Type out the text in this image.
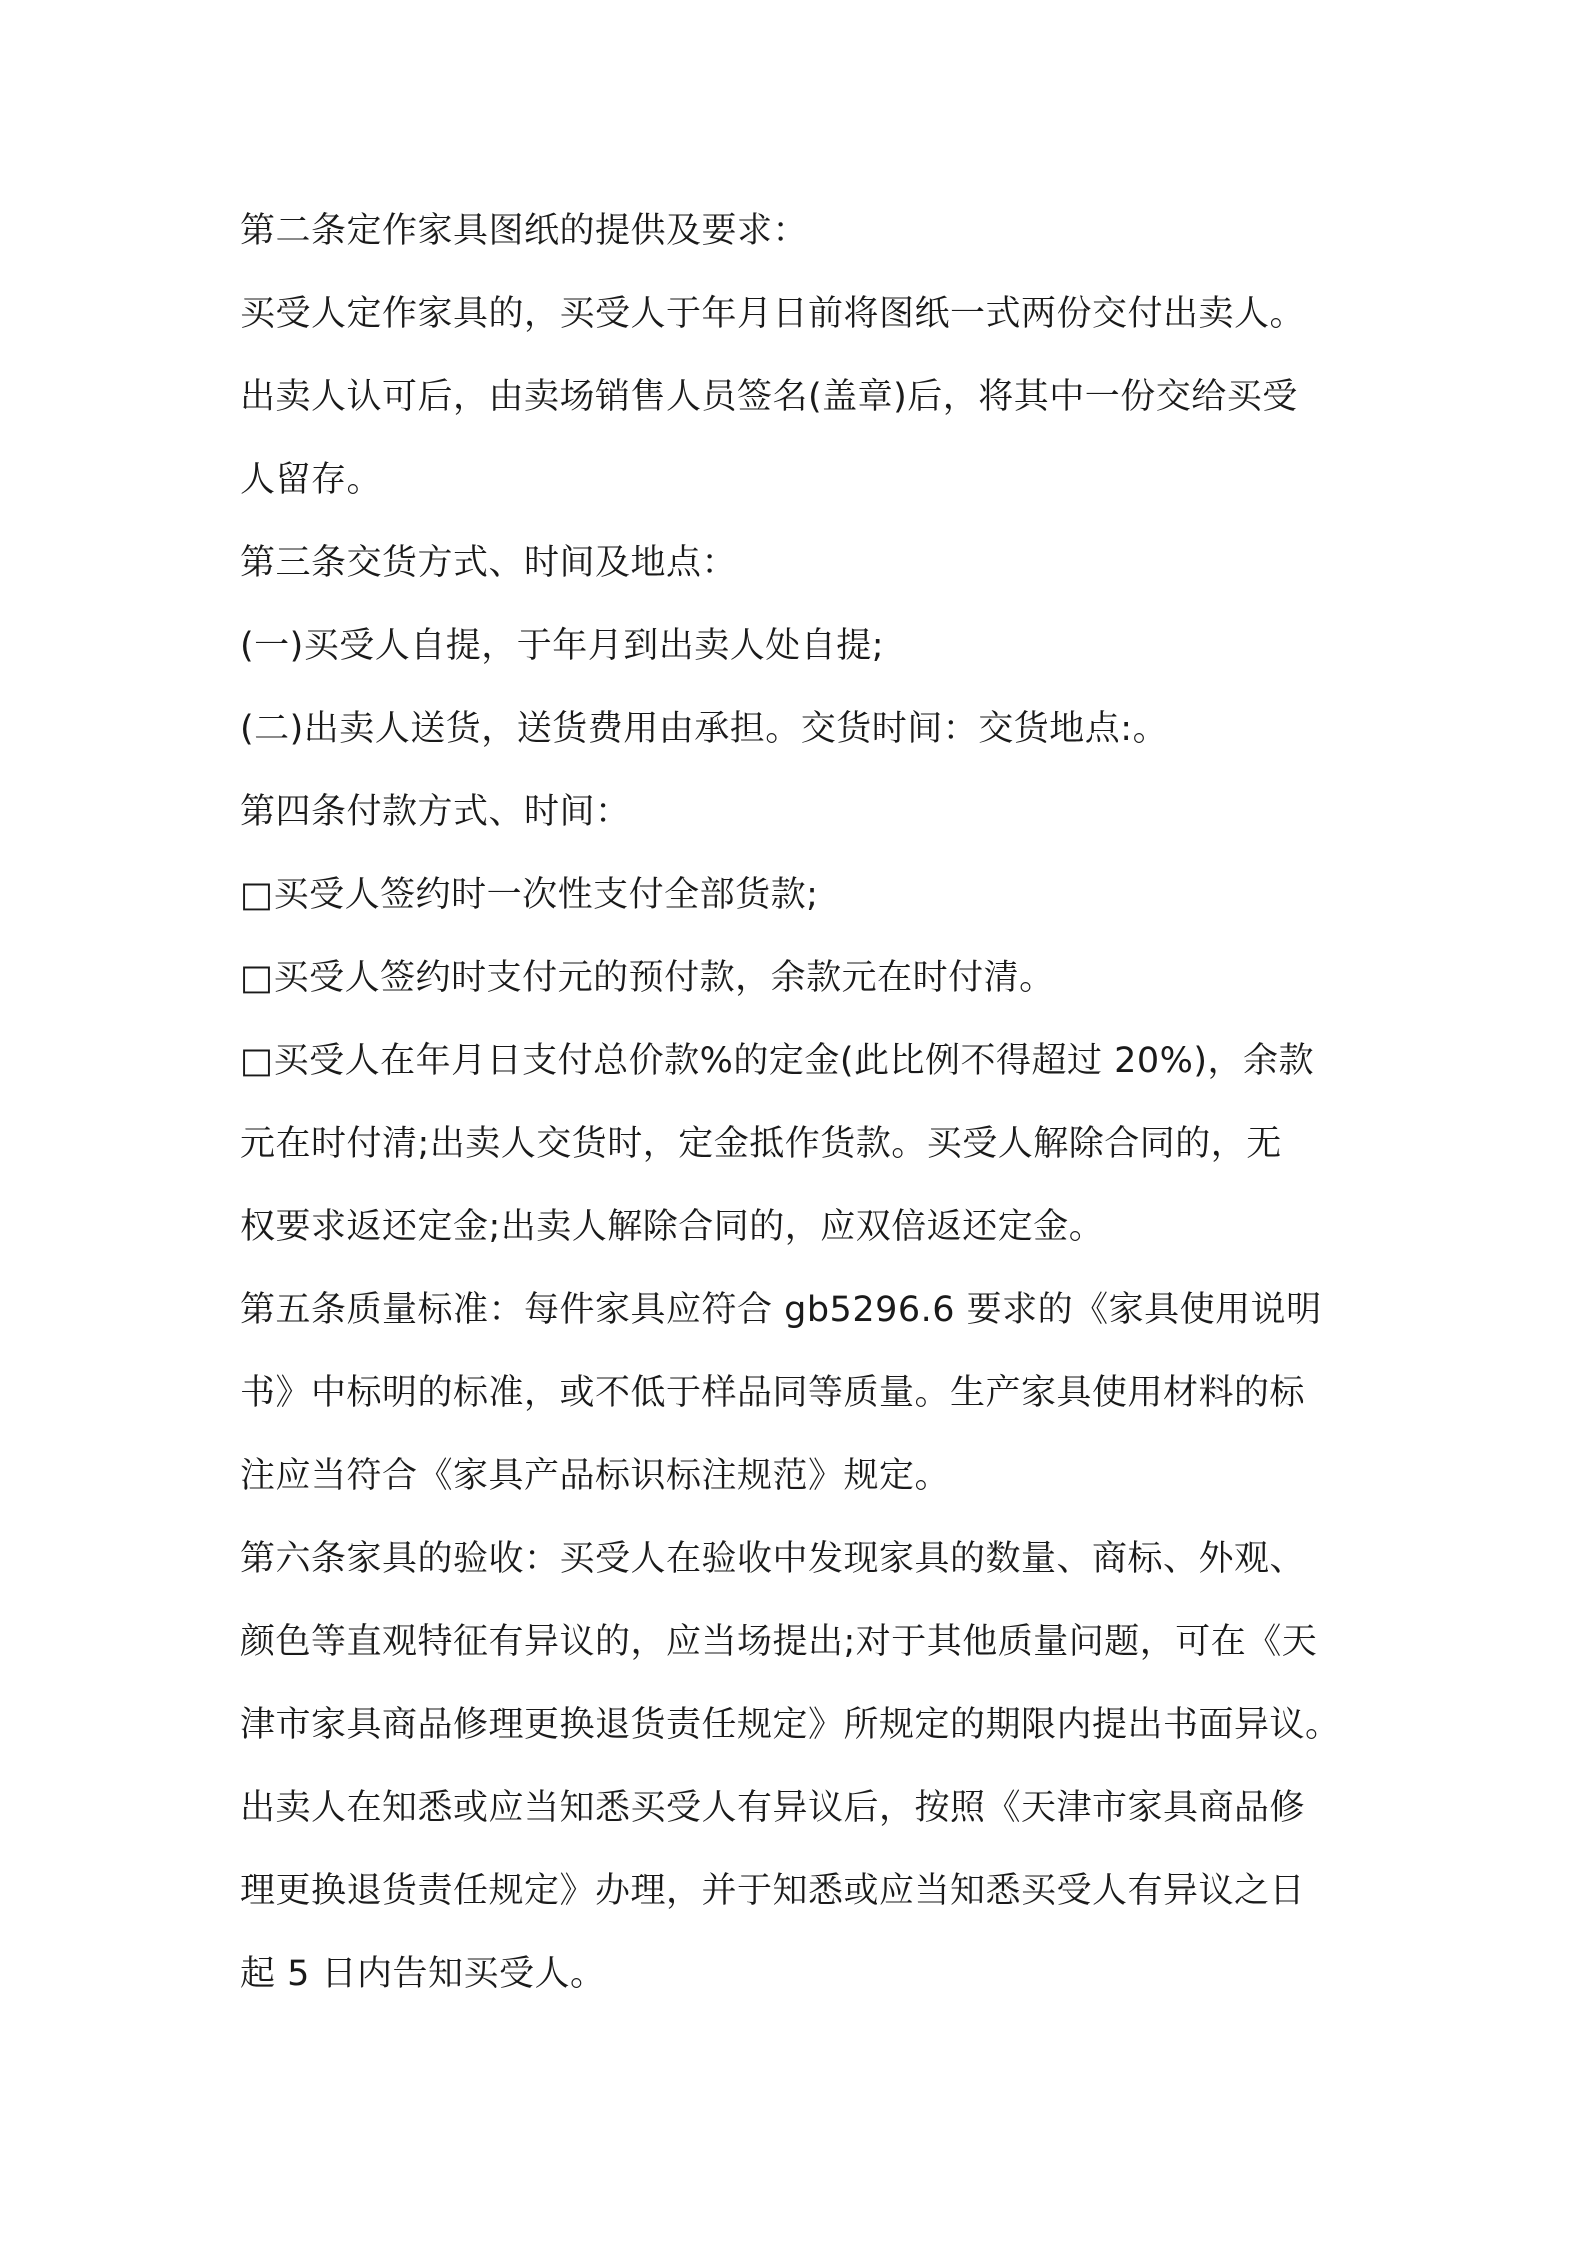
第二条定作家具图纸的提供及要求：
买受人定作家具的，买受人于年月日前将图纸一式两份交付出卖人。
出卖人认可后，由卖场销售人员签名(盖章)后，将其中一份交给买受
人留存。
第三条交货方式、时间及地点：
(一)买受人自提，于年月到出卖人处自提;
(二)出卖人送货，送货费用由承担。交货时间：交货地点:。
第四条付款方式、时间：
□买受人签约时一次性支付全部货款;
□买受人签约时支付元的预付款，余款元在时付清。
□买受人在年月日支付总价款%的定金(此比例不得超过 20%)，余款
元在时付清;出卖人交货时，定金抵作货款。买受人解除合同的，无
权要求返还定金;出卖人解除合同的，应双倍返还定金。
第五条质量标准：每件家具应符合 gb5296.6 要求的《家具使用说明
书》中标明的标准，或不低于样品同等质量。生产家具使用材料的标
注应当符合《家具产品标识标注规范》规定。
第六条家具的验收：买受人在验收中发现家具的数量、商标、外观、
颜色等直观特征有异议的，应当场提出;对于其他质量问题，可在《天
津市家具商品修理更换退货责任规定》所规定的期限内提出书面异议。
出卖人在知悉或应当知悉买受人有异议后，按照《天津市家具商品修
理更换退货责任规定》办理，并于知悉或应当知悉买受人有异议之日
起 5 日内告知买受人。
